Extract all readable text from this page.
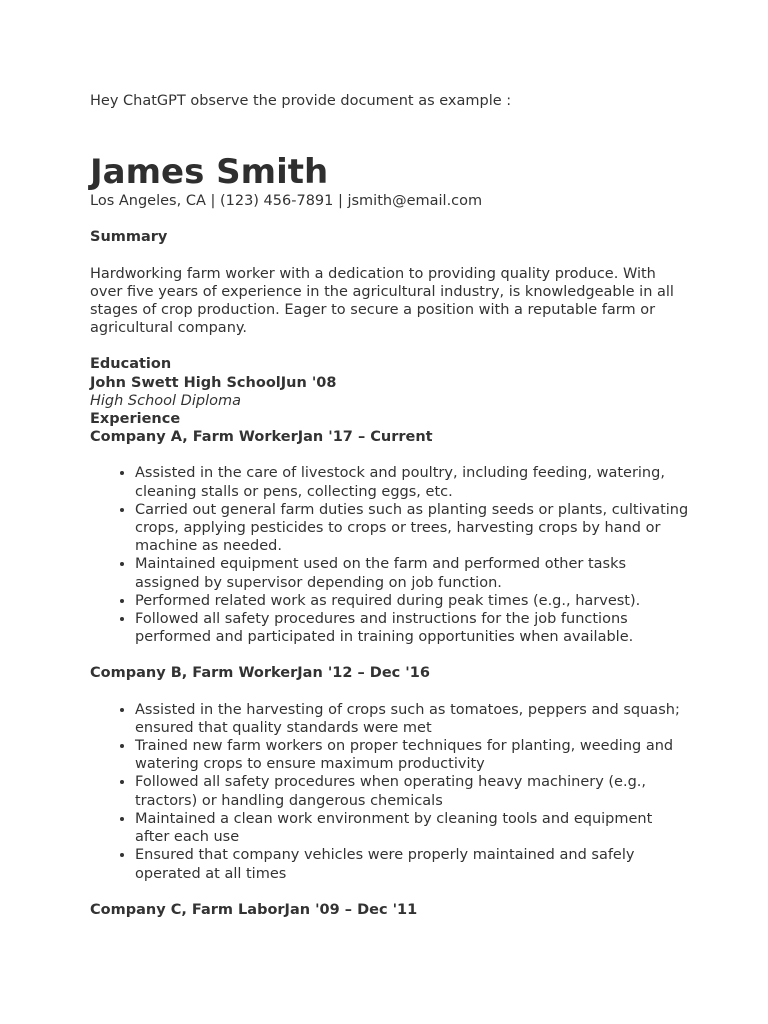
Hey ChatGPT observe the provide document as example :

James Smith

Los Angeles, CA | (123) 456-7891 | jsmith@email.com

Summary

Hardworking farm worker with a dedication to providing quality produce. With over five years of experience in the agricultural industry, is knowledgeable in all stages of crop production. Eager to secure a position with a reputable farm or agricultural company.

Education

John Swett High SchoolJun '08

High School Diploma

Experience

Company A, Farm WorkerJan '17 – Current

• Assisted in the care of livestock and poultry, including feeding, watering, cleaning stalls or pens, collecting eggs, etc.
• Carried out general farm duties such as planting seeds or plants, cultivating crops, applying pesticides to crops or trees, harvesting crops by hand or machine as needed.
• Maintained equipment used on the farm and performed other tasks assigned by supervisor depending on job function.
• Performed related work as required during peak times (e.g., harvest).
• Followed all safety procedures and instructions for the job functions performed and participated in training opportunities when available.

Company B, Farm WorkerJan '12 – Dec '16

• Assisted in the harvesting of crops such as tomatoes, peppers and squash; ensured that quality standards were met
• Trained new farm workers on proper techniques for planting, weeding and watering crops to ensure maximum productivity
• Followed all safety procedures when operating heavy machinery (e.g., tractors) or handling dangerous chemicals
• Maintained a clean work environment by cleaning tools and equipment after each use
• Ensured that company vehicles were properly maintained and safely operated at all times

Company C, Farm LaborJan '09 – Dec '11
